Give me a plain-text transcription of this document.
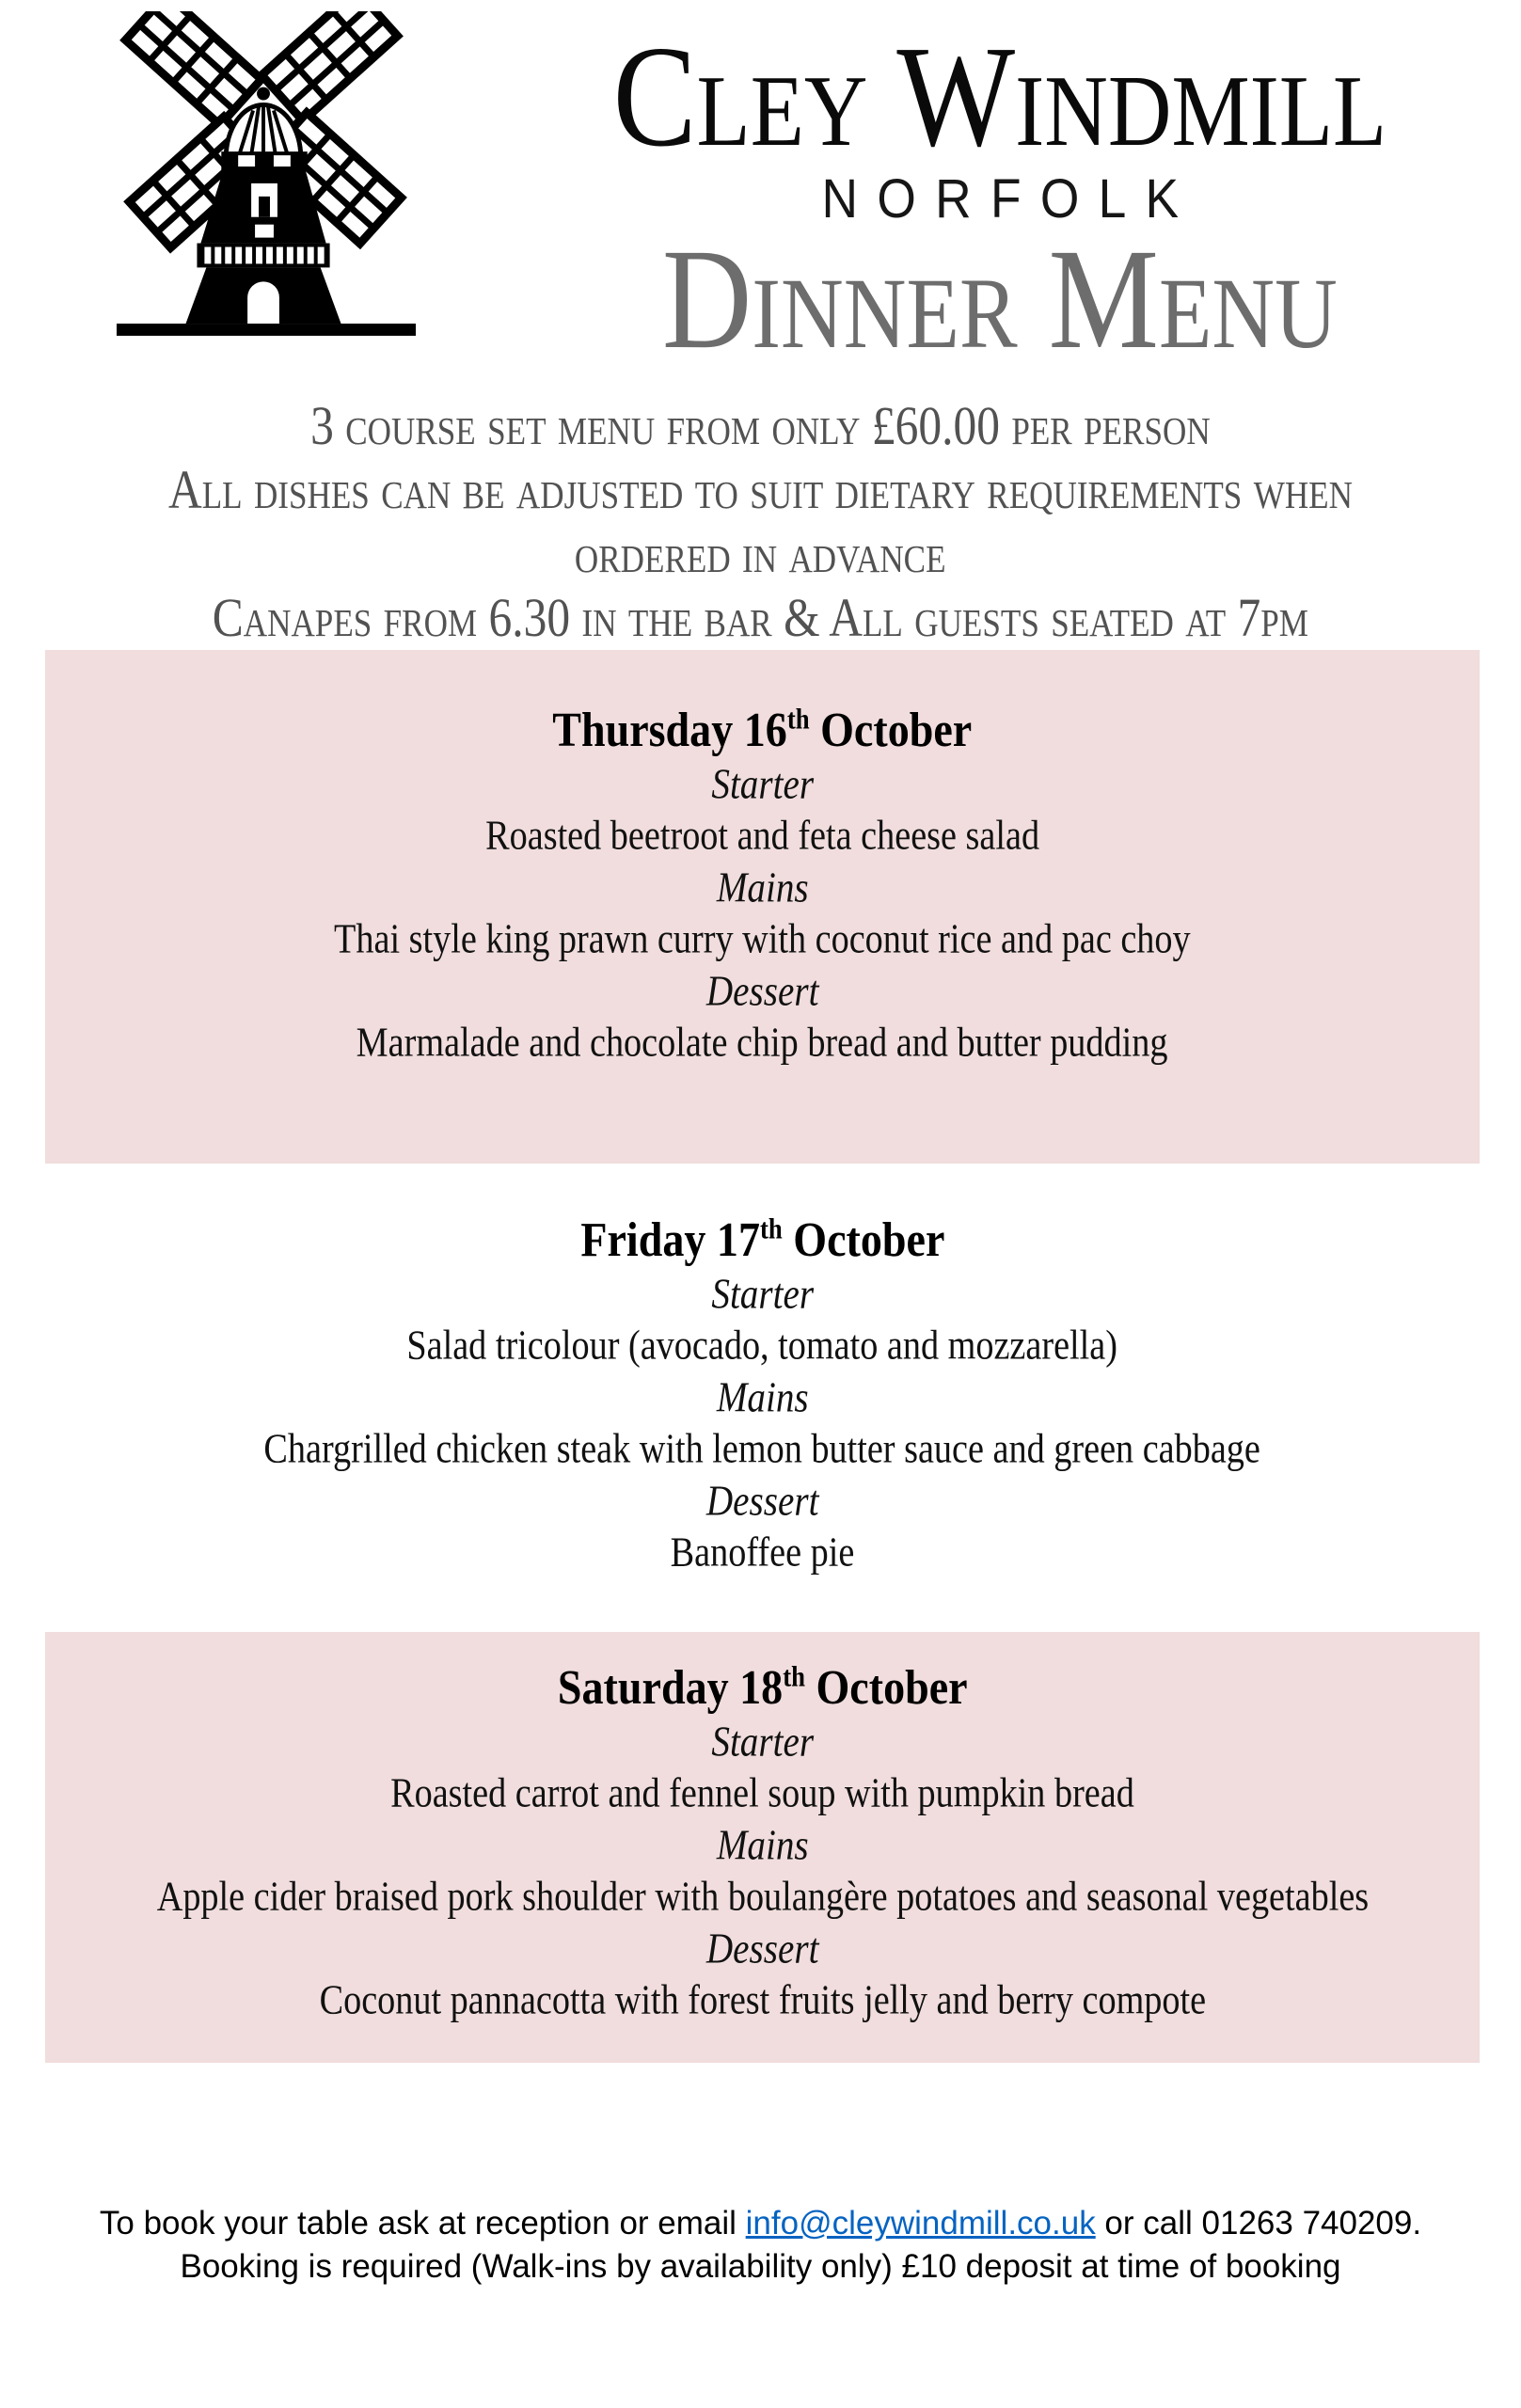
Cley Windmill
NORFOLK
Dinner Menu
3 course set menu from only £60.00 per person
All dishes can be adjusted to suit dietary requirements when
ordered in advance
Canapes from 6.30 in the bar & All guests seated at 7pm
Thursday 16th October
Starter
Roasted beetroot and feta cheese salad
Mains
Thai style king prawn curry with coconut rice and pac choy
Dessert
Marmalade and chocolate chip bread and butter pudding
Friday 17th October
Starter
Salad tricolour (avocado, tomato and mozzarella)
Mains
Chargrilled chicken steak with lemon butter sauce and green cabbage
Dessert
Banoffee pie
Saturday 18th October
Starter
Roasted carrot and fennel soup with pumpkin bread
Mains
Apple cider braised pork shoulder with boulangère potatoes and seasonal vegetables
Dessert
Coconut pannacotta with forest fruits jelly and berry compote
To book your table ask at reception or email info@cleywindmill.co.uk or call 01263 740209.
Booking is required (Walk-ins by availability only) £10 deposit at time of booking
